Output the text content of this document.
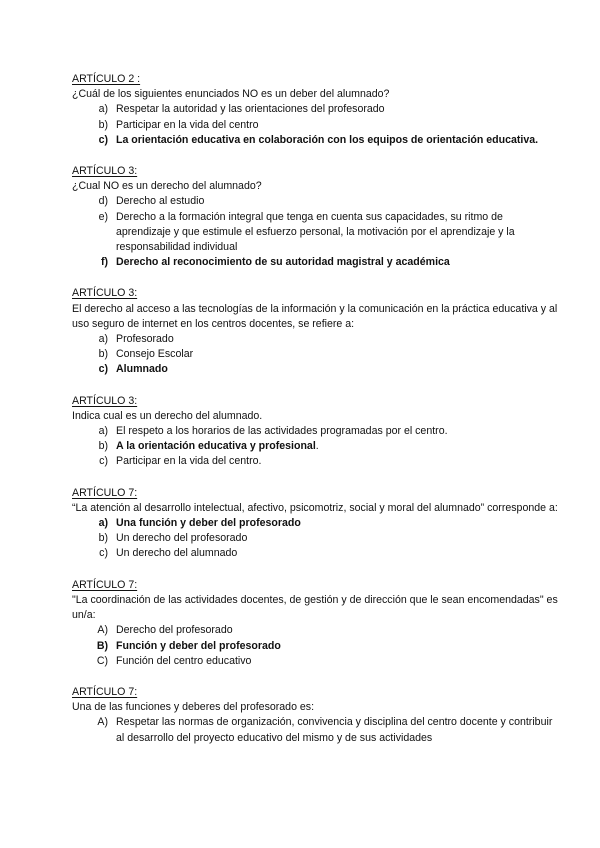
ARTÍCULO 2 :
¿Cuál de los siguientes enunciados NO es un deber del alumnado?
a) Respetar la autoridad y las orientaciones del profesorado
b) Participar en la vida del centro
c) La orientación educativa en colaboración con los equipos de orientación educativa.
ARTÍCULO 3:
¿Cual NO es un derecho del alumnado?
d) Derecho al estudio
e) Derecho a la formación integral que tenga en cuenta sus capacidades, su ritmo de aprendizaje y que estimule el esfuerzo personal, la motivación por el aprendizaje y la responsabilidad individual
f) Derecho al reconocimiento de su autoridad magistral y académica
ARTÍCULO 3:
El derecho al acceso a las tecnologías de la información y la comunicación en la práctica educativa y al uso seguro de internet en los centros docentes, se refiere a:
a) Profesorado
b) Consejo Escolar
c) Alumnado
ARTÍCULO 3:
Indica cual es un derecho del alumnado.
a) El respeto a los horarios de las actividades programadas por el centro.
b) A la orientación educativa y profesional.
c) Participar en la vida del centro.
ARTÍCULO 7:
“La atención al desarrollo intelectual, afectivo, psicomotriz, social y moral del alumnado” corresponde a:
a) Una función y deber del profesorado
b) Un derecho del profesorado
c) Un derecho del alumnado
ARTÍCULO 7:
"La coordinación de las actividades docentes, de gestión y de dirección que le sean encomendadas" es un/a:
A) Derecho del profesorado
B) Función y deber del profesorado
C) Función del centro educativo
ARTÍCULO 7:
Una de las funciones y deberes del profesorado es:
A) Respetar las normas de organización, convivencia y disciplina del centro docente y contribuir al desarrollo del proyecto educativo del mismo y de sus actividades
